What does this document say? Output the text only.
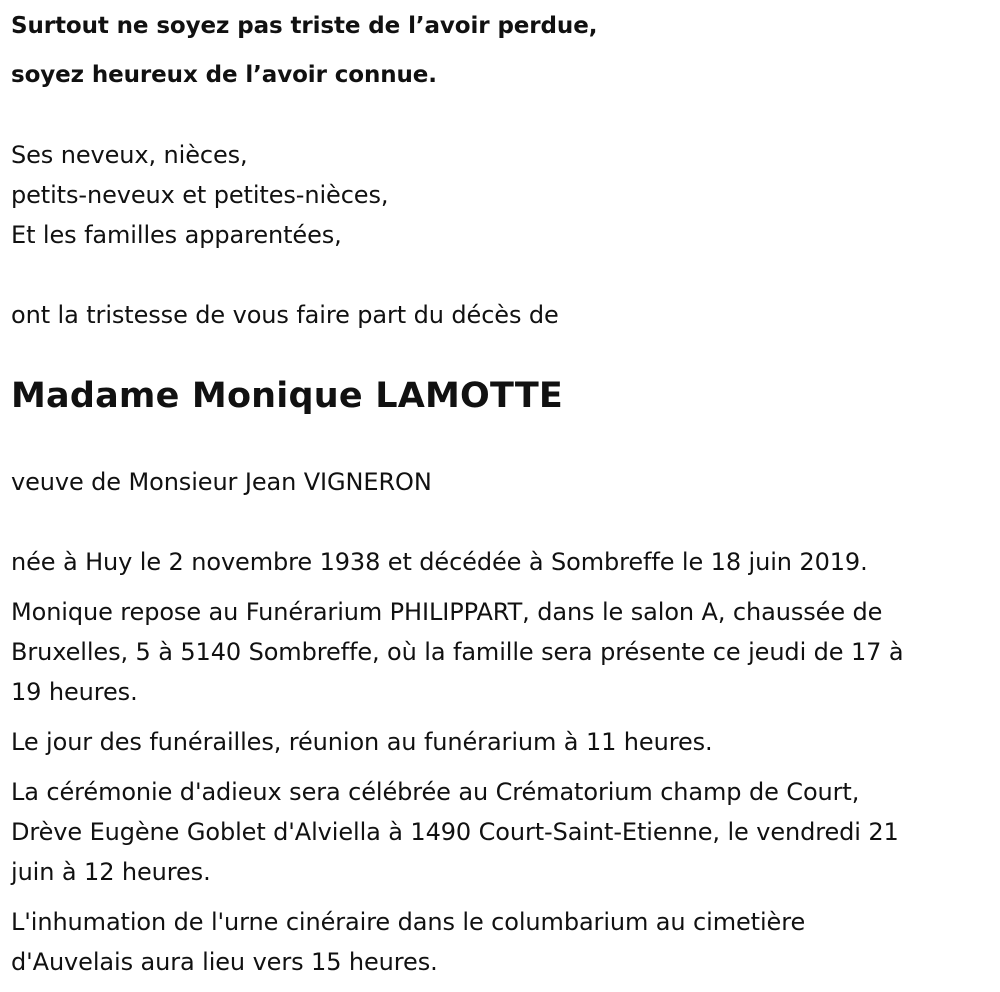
Surtout ne soyez pas triste de l’avoir perdue,
soyez heureux de l’avoir connue.
Ses neveux, nièces,
petits-neveux et petites-nièces,
Et les familles apparentées,
ont la tristesse de vous faire part du décès de
Madame Monique LAMOTTE
veuve de Monsieur Jean VIGNERON
née à Huy le 2 novembre 1938 et décédée à Sombreffe le 18 juin 2019.
Monique repose au Funérarium PHILIPPART, dans le salon A, chaussée de
Bruxelles, 5 à 5140 Sombreffe, où la famille sera présente ce jeudi de 17 à
19 heures.
Le jour des funérailles, réunion au funérarium à 11 heures.
La cérémonie d'adieux sera célébrée au Crématorium champ de Court,
Drève Eugène Goblet d'Alviella à 1490 Court-Saint-Etienne, le vendredi 21
juin à 12 heures.
L'inhumation de l'urne cinéraire dans le columbarium au cimetière
d'Auvelais aura lieu vers 15 heures.
